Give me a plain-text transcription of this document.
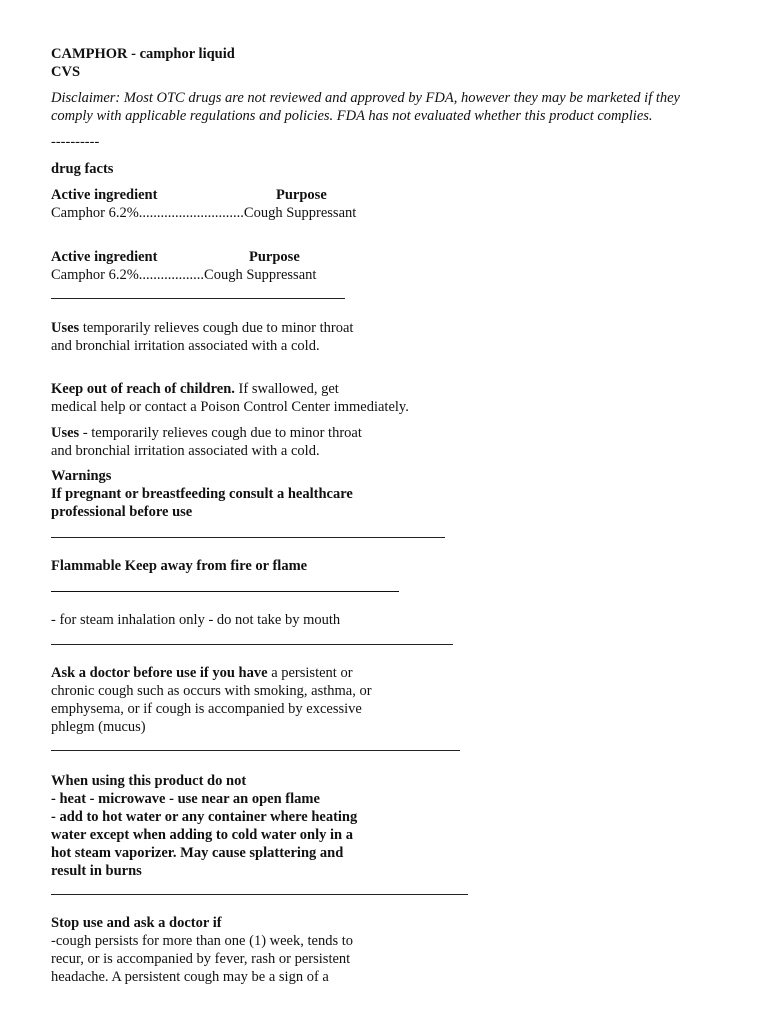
CAMPHOR - camphor liquid
CVS
Disclaimer: Most OTC drugs are not reviewed and approved by FDA, however they may be marketed if they
comply with applicable regulations and policies. FDA has not evaluated whether this product complies.
----------
drug facts
Active ingredient	Purpose
Camphor 6.2%.............................Cough Suppressant
Active ingredient	Purpose
Camphor 6.2%..................Cough Suppressant
Uses temporarily relieves cough due to minor throat
and bronchial irritation associated with a cold.
Keep out of reach of children. If swallowed, get
medical help or contact a Poison Control Center immediately.
Uses - temporarily relieves cough due to minor throat
and bronchial irritation associated with a cold.
Warnings
If pregnant or breastfeeding consult a healthcare
professional before use
Flammable Keep away from fire or flame
- for steam inhalation only - do not take by mouth
Ask a doctor before use if you have a persistent or
chronic cough such as occurs with smoking, asthma, or
emphysema, or if cough is accompanied by excessive
phlegm (mucus)
When using this product do not
- heat - microwave - use near an open flame
- add to hot water or any container where heating
water except when adding to cold water only in a
hot steam vaporizer. May cause splattering and
result in burns
Stop use and ask a doctor if
-cough persists for more than one (1) week, tends to
recur, or is accompanied by fever, rash or persistent
headache. A persistent cough may be a sign of a
